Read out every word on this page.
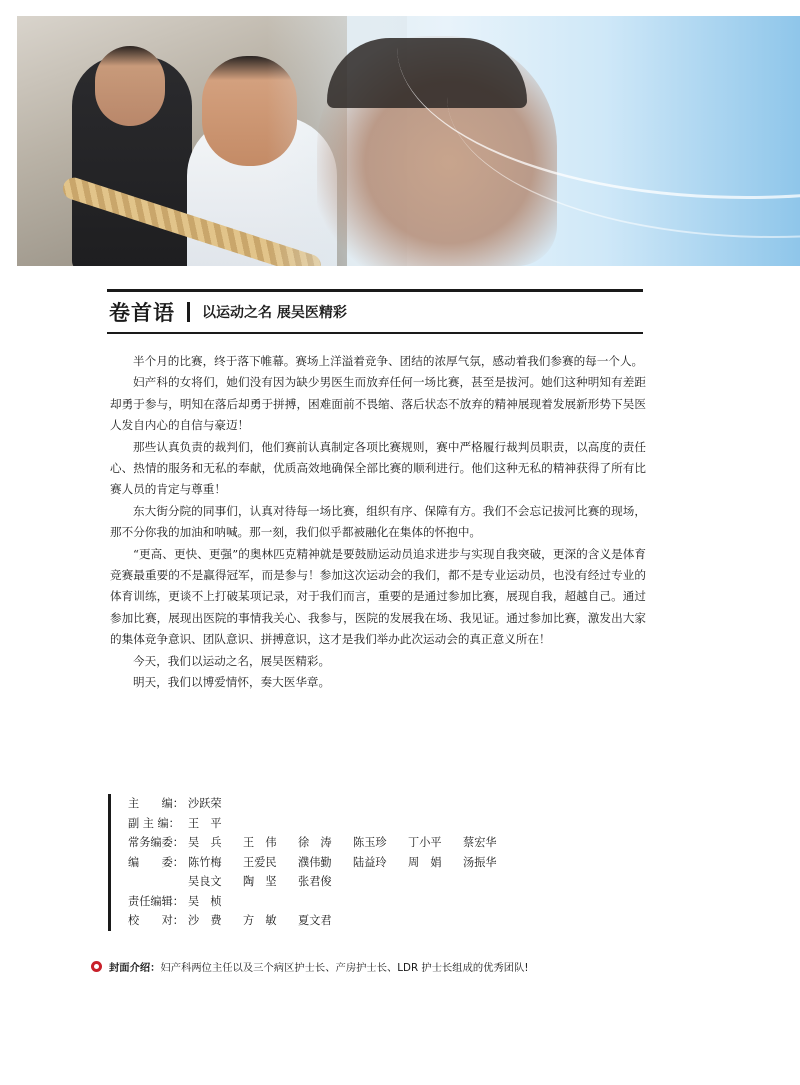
卷首语 以运动之名 展吴医精彩

半个月的比赛，终于落下帷幕。赛场上洋溢着竞争、团结的浓厚气氛，感动着我们参赛的每一个人。

妇产科的女将们，她们没有因为缺少男医生而放弃任何一场比赛，甚至是拔河。她们这种明知有差距却勇于参与，明知在落后却勇于拼搏，困难面前不畏缩、落后状态不放弃的精神展现着发展新形势下吴医人发自内心的自信与豪迈！

那些认真负责的裁判们，他们赛前认真制定各项比赛规则，赛中严格履行裁判员职责，以高度的责任心、热情的服务和无私的奉献，优质高效地确保全部比赛的顺利进行。他们这种无私的精神获得了所有比赛人员的肯定与尊重！

东大街分院的同事们，认真对待每一场比赛，组织有序、保障有方。我们不会忘记拔河比赛的现场，那不分你我的加油和呐喊。那一刻，我们似乎都被融化在集体的怀抱中。

“更高、更快、更强”的奥林匹克精神就是要鼓励运动员追求进步与实现自我突破，更深的含义是体育竞赛最重要的不是赢得冠军，而是参与！参加这次运动会的我们，都不是专业运动员，也没有经过专业的体育训练，更谈不上打破某项记录，对于我们而言，重要的是通过参加比赛，展现自我，超越自己。通过参加比赛，展现出医院的事情我关心、我参与，医院的发展我在场、我见证。通过参加比赛，激发出大家的集体竞争意识、团队意识、拼搏意识，这才是我们举办此次运动会的真正意义所在！

今天，我们以运动之名，展吴医精彩。

明天，我们以博爱情怀，奏大医华章。

主　　编： 沙跃荣
副 主 编： 王　平
常务编委： 吴　兵	王　伟	徐　涛	陈玉珍	丁小平	蔡宏华
编　　委： 陈竹梅	王爱民	濮伟勤	陆益玲	周　娟	汤振华
吴良文	陶　坚	张君俊
责任编辑： 吴　桢
校　　对： 沙　费	方　敏	夏文君
封面介绍： 妇产科两位主任以及三个病区护士长、产房护士长、LDR 护士长组成的优秀团队!
